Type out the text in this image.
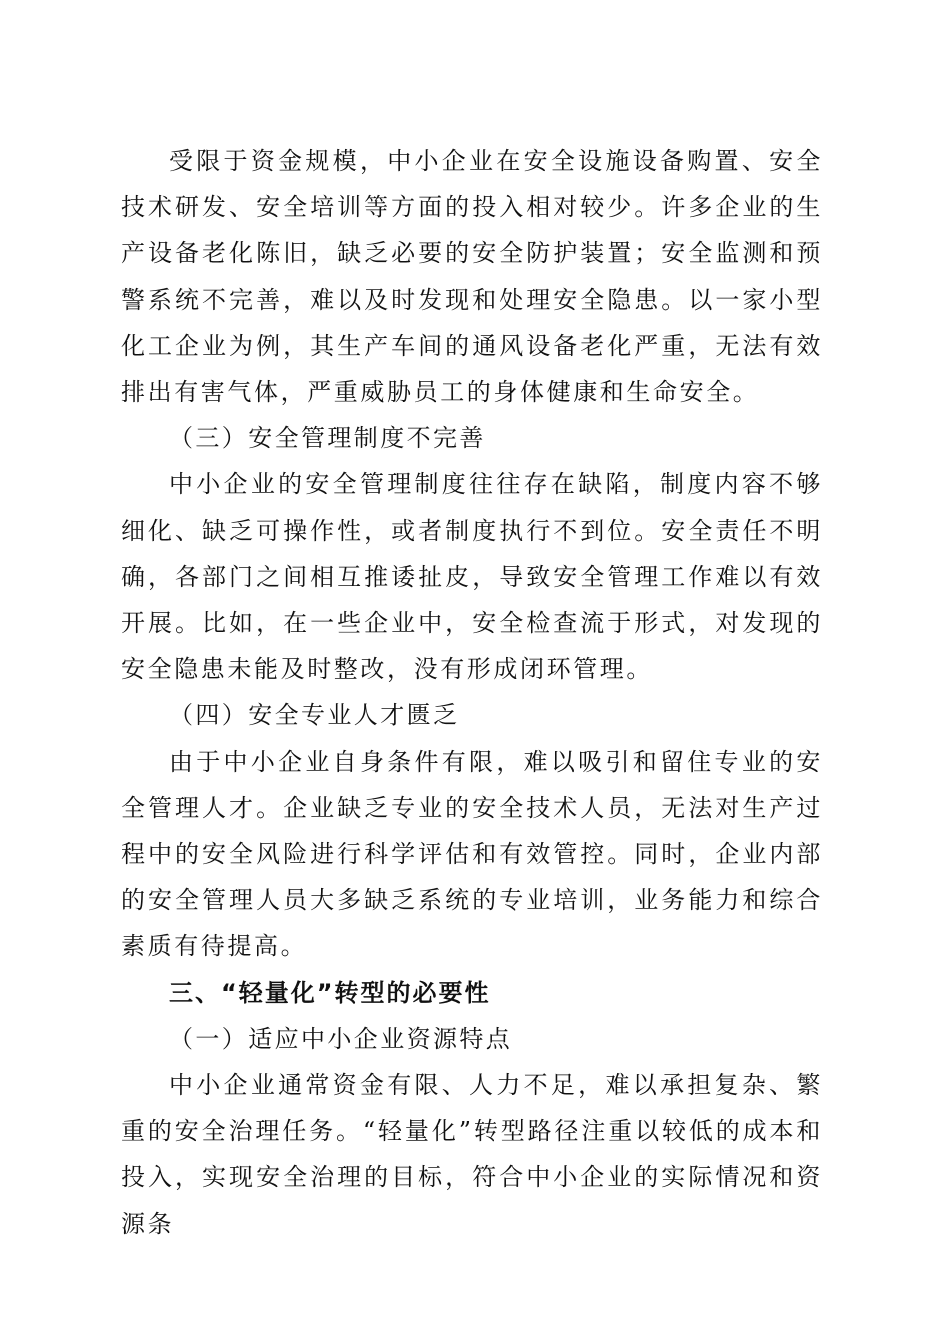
受限于资金规模，中小企业在安全设施设备购置、安全技术研发、安全培训等方面的投入相对较少。许多企业的生产设备老化陈旧，缺乏必要的安全防护装置；安全监测和预警系统不完善，难以及时发现和处理安全隐患。以一家小型化工企业为例，其生产车间的通风设备老化严重，无法有效排出有害气体，严重威胁员工的身体健康和生命安全。

（三）安全管理制度不完善

中小企业的安全管理制度往往存在缺陷，制度内容不够细化、缺乏可操作性，或者制度执行不到位。安全责任不明确，各部门之间相互推诿扯皮，导致安全管理工作难以有效开展。比如，在一些企业中，安全检查流于形式，对发现的安全隐患未能及时整改，没有形成闭环管理。

（四）安全专业人才匮乏

由于中小企业自身条件有限，难以吸引和留住专业的安全管理人才。企业缺乏专业的安全技术人员，无法对生产过程中的安全风险进行科学评估和有效管控。同时，企业内部的安全管理人员大多缺乏系统的专业培训，业务能力和综合素质有待提高。

三、“轻量化”转型的必要性

（一）适应中小企业资源特点

中小企业通常资金有限、人力不足，难以承担复杂、繁重的安全治理任务。“轻量化”转型路径注重以较低的成本和投入，实现安全治理的目标，符合中小企业的实际情况和资源条
